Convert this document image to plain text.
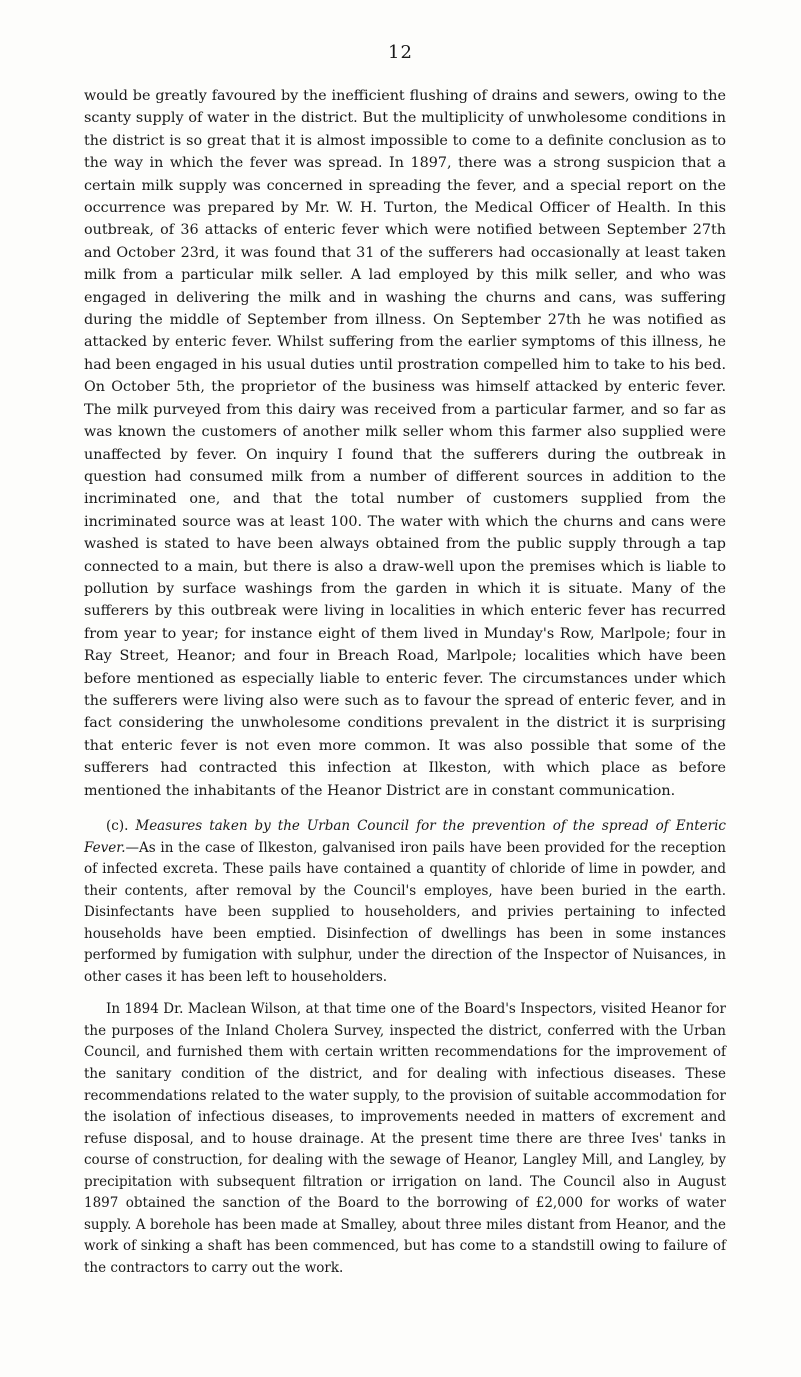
12

would be greatly favoured by the inefficient flushing of drains and sewers, owing to the scanty supply of water in the district. But the multiplicity of unwholesome conditions in the district is so great that it is almost impossible to come to a definite conclusion as to the way in which the fever was spread. In 1897, there was a strong suspicion that a certain milk supply was concerned in spreading the fever, and a special report on the occurrence was prepared by Mr. W. H. Turton, the Medical Officer of Health. In this outbreak, of 36 attacks of enteric fever which were notified between September 27th and October 23rd, it was found that 31 of the sufferers had occasionally at least taken milk from a particular milk seller. A lad employed by this milk seller, and who was engaged in delivering the milk and in washing the churns and cans, was suffering during the middle of September from illness. On September 27th he was notified as attacked by enteric fever. Whilst suffering from the earlier symptoms of this illness, he had been engaged in his usual duties until prostration compelled him to take to his bed. On October 5th, the proprietor of the business was himself attacked by enteric fever. The milk purveyed from this dairy was received from a particular farmer, and so far as was known the customers of another milk seller whom this farmer also supplied were unaffected by fever. On inquiry I found that the sufferers during the outbreak in question had consumed milk from a number of different sources in addition to the incriminated one, and that the total number of customers supplied from the incriminated source was at least 100. The water with which the churns and cans were washed is stated to have been always obtained from the public supply through a tap connected to a main, but there is also a draw-well upon the premises which is liable to pollution by surface washings from the garden in which it is situate. Many of the sufferers by this outbreak were living in localities in which enteric fever has recurred from year to year; for instance eight of them lived in Munday's Row, Marlpole; four in Ray Street, Heanor; and four in Breach Road, Marlpole; localities which have been before mentioned as especially liable to enteric fever. The circumstances under which the sufferers were living also were such as to favour the spread of enteric fever, and in fact considering the unwholesome conditions prevalent in the district it is surprising that enteric fever is not even more common. It was also possible that some of the sufferers had contracted this infection at Ilkeston, with which place as before mentioned the inhabitants of the Heanor District are in constant communication.

(c). Measures taken by the Urban Council for the prevention of the spread of Enteric Fever.—As in the case of Ilkeston, galvanised iron pails have been provided for the reception of infected excreta. These pails have contained a quantity of chloride of lime in powder, and their contents, after removal by the Council's employes, have been buried in the earth. Disinfectants have been supplied to householders, and privies pertaining to infected households have been emptied. Disinfection of dwellings has been in some instances performed by fumigation with sulphur, under the direction of the Inspector of Nuisances, in other cases it has been left to householders.

In 1894 Dr. Maclean Wilson, at that time one of the Board's Inspectors, visited Heanor for the purposes of the Inland Cholera Survey, inspected the district, conferred with the Urban Council, and furnished them with certain written recommendations for the improvement of the sanitary condition of the district, and for dealing with infectious diseases. These recommendations related to the water supply, to the provision of suitable accommodation for the isolation of infectious diseases, to improvements needed in matters of excrement and refuse disposal, and to house drainage. At the present time there are three Ives' tanks in course of construction, for dealing with the sewage of Heanor, Langley Mill, and Langley, by precipitation with subsequent filtration or irrigation on land. The Council also in August 1897 obtained the sanction of the Board to the borrowing of £2,000 for works of water supply. A borehole has been made at Smalley, about three miles distant from Heanor, and the work of sinking a shaft has been commenced, but has come to a standstill owing to failure of the contractors to carry out the work.
